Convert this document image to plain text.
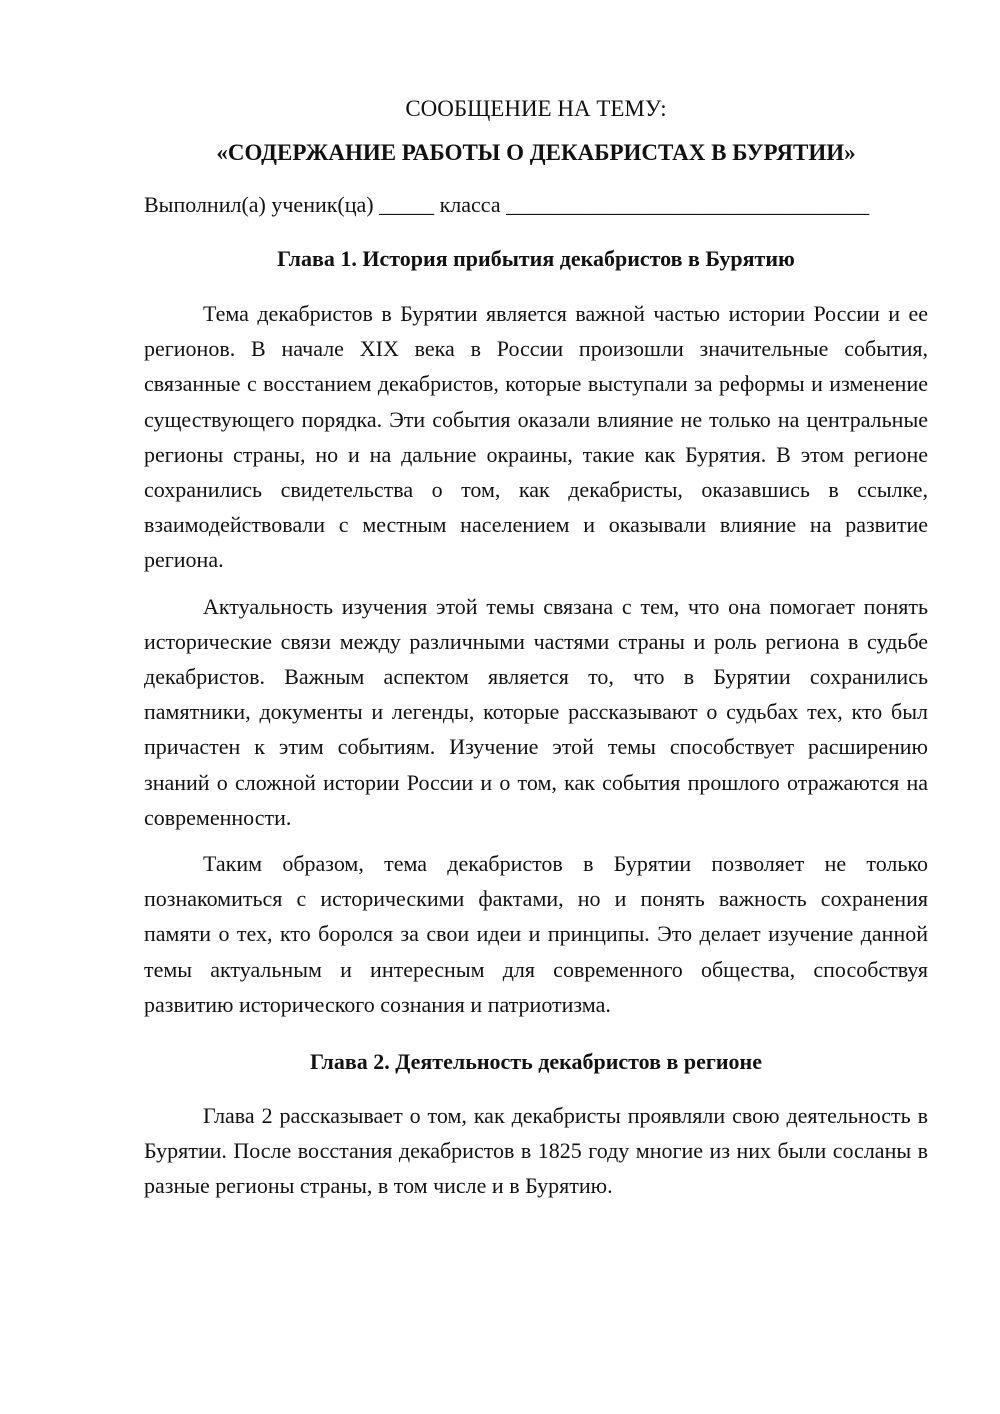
СООБЩЕНИЕ НА ТЕМУ:

«СОДЕРЖАНИЕ РАБОТЫ О ДЕКАБРИСТАХ В БУРЯТИИ»

Выполнил(а) ученик(ца) _____ класса _________________________________

Глава 1. История прибытия декабристов в Бурятию

Тема декабристов в Бурятии является важной частью истории России и ее регионов. В начале XIX века в России произошли значительные события, связанные с восстанием декабристов, которые выступали за реформы и изменение существующего порядка. Эти события оказали влияние не только на центральные регионы страны, но и на дальние окраины, такие как Бурятия. В этом регионе сохранились свидетельства о том, как декабристы, оказавшись в ссылке, взаимодействовали с местным населением и оказывали влияние на развитие региона.

Актуальность изучения этой темы связана с тем, что она помогает понять исторические связи между различными частями страны и роль региона в судьбе декабристов. Важным аспектом является то, что в Бурятии сохранились памятники, документы и легенды, которые рассказывают о судьбах тех, кто был причастен к этим событиям. Изучение этой темы способствует расширению знаний о сложной истории России и о том, как события прошлого отражаются на современности.

Таким образом, тема декабристов в Бурятии позволяет не только познакомиться с историческими фактами, но и понять важность сохранения памяти о тех, кто боролся за свои идеи и принципы. Это делает изучение данной темы актуальным и интересным для современного общества, способствуя развитию исторического сознания и патриотизма.

Глава 2. Деятельность декабристов в регионе

Глава 2 рассказывает о том, как декабристы проявляли свою деятельность в Бурятии. После восстания декабристов в 1825 году многие из них были сосланы в разные регионы страны, в том числе и в Бурятию.
